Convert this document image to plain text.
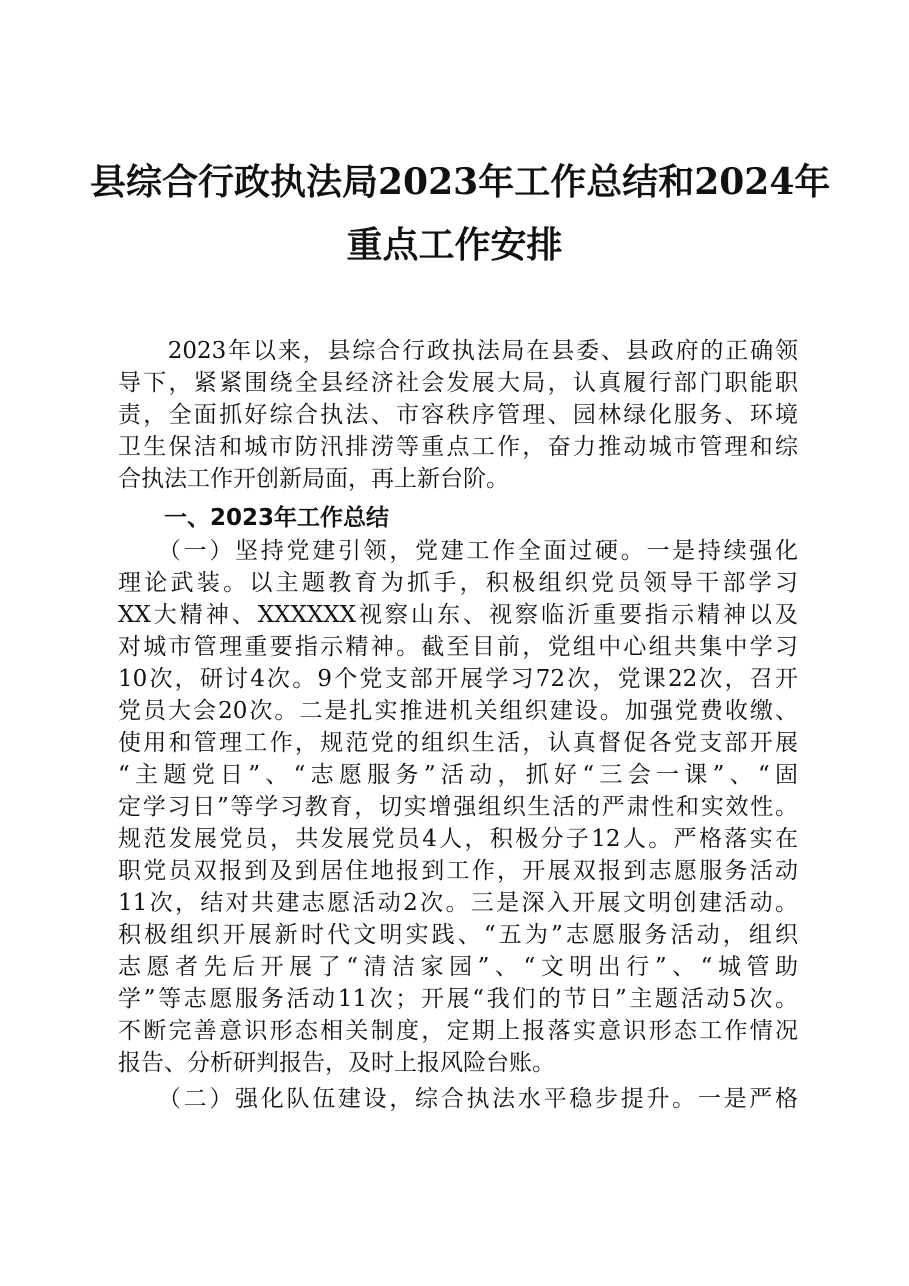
县综合行政执法局2023年工作总结和2024年
重点工作安排
　　2023年以来，县综合行政执法局在县委、县政府的正确领
导下，紧紧围绕全县经济社会发展大局，认真履行部门职能职
责，全面抓好综合执法、市容秩序管理、园林绿化服务、环境
卫生保洁和城市防汛排涝等重点工作，奋力推动城市管理和综
合执法工作开创新局面，再上新台阶。
　　一、2023年工作总结
　　（一）坚持党建引领，党建工作全面过硬。一是持续强化
理论武装。以主题教育为抓手，积极组织党员领导干部学习
XX大精神、XXXXXX视察山东、视察临沂重要指示精神以及
对城市管理重要指示精神。截至目前，党组中心组共集中学习
10次，研讨4次。9个党支部开展学习72次，党课22次，召开
党员大会20次。二是扎实推进机关组织建设。加强党费收缴、
使用和管理工作，规范党的组织生活，认真督促各党支部开展
“主题党日”、“志愿服务”活动，抓好“三会一课”、“固
定学习日”等学习教育，切实增强组织生活的严肃性和实效性。
规范发展党员，共发展党员4人，积极分子12人。严格落实在
职党员双报到及到居住地报到工作，开展双报到志愿服务活动
11次，结对共建志愿活动2次。三是深入开展文明创建活动。
积极组织开展新时代文明实践、“五为”志愿服务活动，组织
志愿者先后开展了“清洁家园”、“文明出行”、“城管助
学”等志愿服务活动11次；开展“我们的节日”主题活动5次。
不断完善意识形态相关制度，定期上报落实意识形态工作情况
报告、分析研判报告，及时上报风险台账。
　　（二）强化队伍建设，综合执法水平稳步提升。一是严格
